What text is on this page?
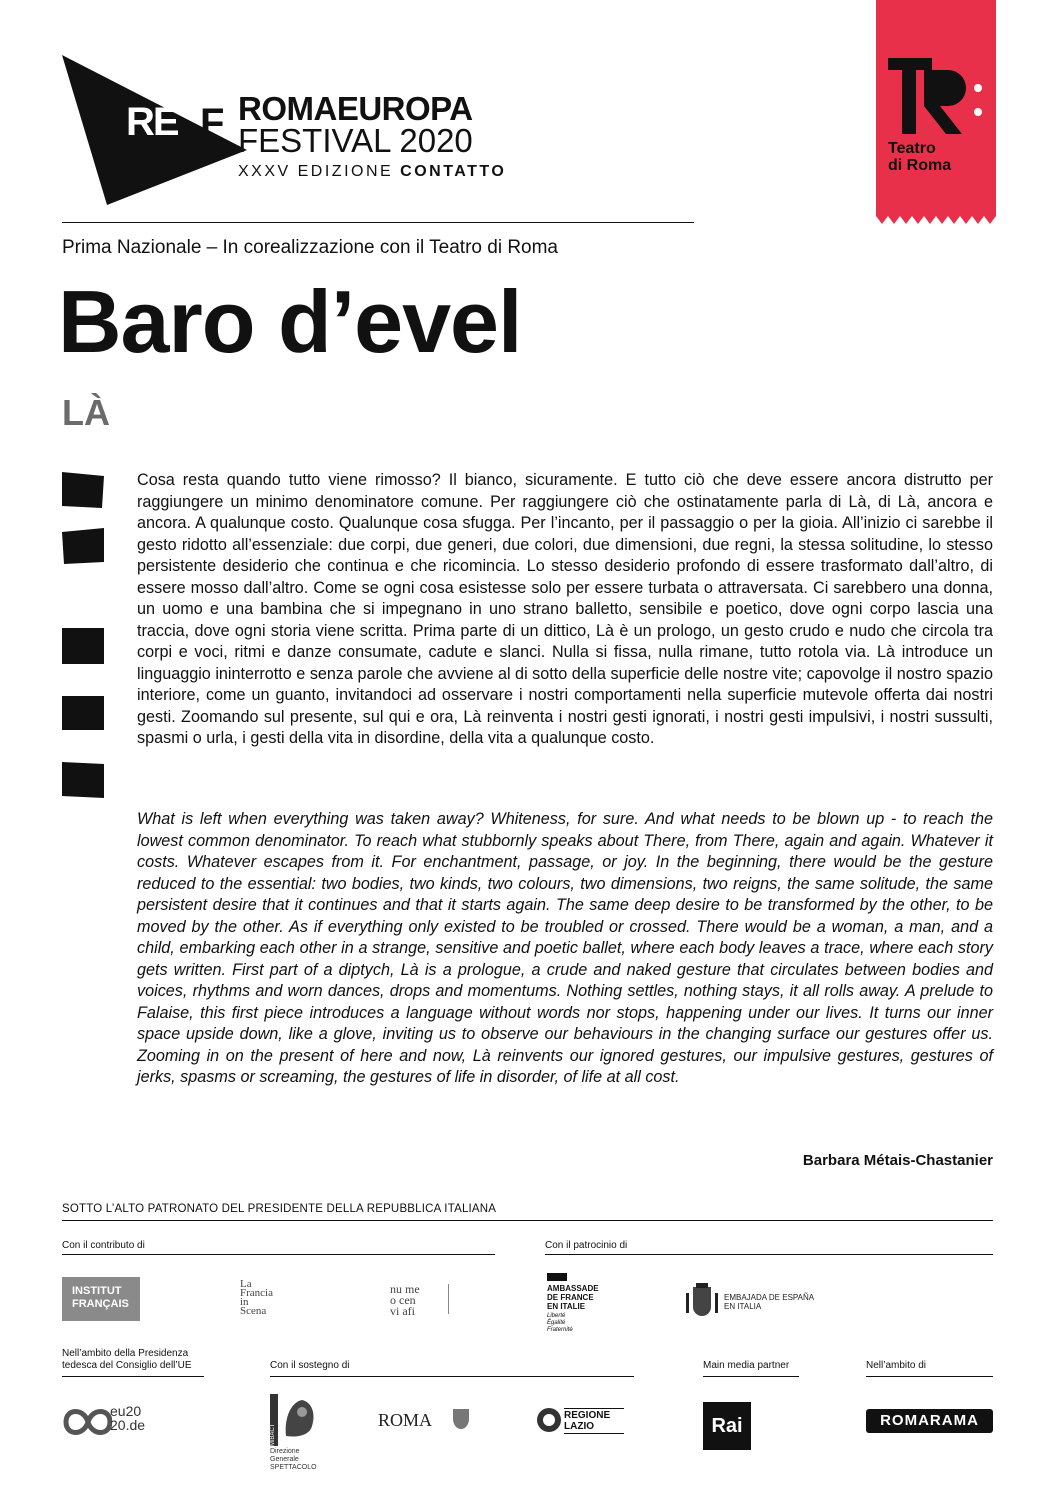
RE F ROMAEUROPA
FESTIVAL 2020
XXXV EDIZIONE CONTATTO
Teatro
di Roma
Prima Nazionale – In corealizzazione con il Teatro di Roma
Baro d’evel
LÀ
Cosa resta quando tutto viene rimosso? Il bianco, sicuramente. E tutto ciò che deve essere ancora distrutto per raggiungere un minimo denominatore comune. Per raggiungere ciò che ostinatamente parla di Là, di Là, ancora e ancora. A qualunque costo. Qualunque cosa sfugga. Per l’incanto, per il passaggio o per la gioia. All’inizio ci sarebbe il gesto ridotto all’essenziale: due corpi, due generi, due colori, due dimensioni, due regni, la stessa solitudine, lo stesso persistente desiderio che continua e che ricomincia. Lo stesso desiderio profondo di essere trasformato dall’altro, di essere mosso dall’altro. Come se ogni cosa esistesse solo per essere turbata o attraversata. Ci sarebbero una donna, un uomo e una bambina che si impegnano in uno strano balletto, sensibile e poetico, dove ogni corpo lascia una traccia, dove ogni storia viene scritta. Prima parte di un dittico, Là è un prologo, un gesto crudo e nudo che circola tra corpi e voci, ritmi e danze consumate, cadute e slanci. Nulla si fissa, nulla rimane, tutto rotola via. Là introduce un linguaggio ininterrotto e senza parole che avviene al di sotto della superficie delle nostre vite; capovolge il nostro spazio interiore, come un guanto, invitandoci ad osservare i nostri comportamenti nella superficie mutevole offerta dai nostri gesti. Zoomando sul presente, sul qui e ora, Là reinventa i nostri gesti ignorati, i nostri gesti impulsivi, i nostri sussulti, spasmi o urla, i gesti della vita in disordine, della vita a qualunque costo.
What is left when everything was taken away? Whiteness, for sure. And what needs to be blown up - to reach the lowest common denominator. To reach what stubbornly speaks about There, from There, again and again. Whatever it costs. Whatever escapes from it. For enchantment, passage, or joy. In the beginning, there would be the gesture reduced to the essential: two bodies, two kinds, two colours, two dimensions, two reigns, the same solitude, the same persistent desire that it continues and that it starts again. The same deep desire to be transformed by the other, to be moved by the other. As if everything only existed to be troubled or crossed. There would be a woman, a man, and a child, embarking each other in a strange, sensitive and poetic ballet, where each body leaves a trace, where each story gets written. First part of a diptych, Là is a prologue, a crude and naked gesture that circulates between bodies and voices, rhythms and worn dances, drops and momentums. Nothing settles, nothing stays, it all rolls away. A prelude to Falaise, this first piece introduces a language without words nor stops, happening under our lives. It turns our inner space upside down, like a glove, inviting us to observe our behaviours in the changing surface our gestures offer us. Zooming in on the present of here and now, Là reinvents our ignored gestures, our impulsive gestures, gestures of jerks, spasms or screaming, the gestures of life in disorder, of life at all cost.
Barbara Métais-Chastanier
SOTTO L’ALTO PATRONATO DEL PRESIDENTE DELLA REPUBBLICA ITALIANA
Con il contributo di	Con il patrocinio di
INSTITUT
FRANÇAIS
La
Francia
in
Scena
nu me
o cen
vi afi
AMBASSADE
DE FRANCE
EN ITALIE
Liberté
Égalité
Fraternité
EMBAJADA DE ESPAÑA
EN ITALIA
Nell’ambito della Presidenza
tedesca del Consiglio dell’UE	Con il sostegno di	Main media partner	Nell’ambito di
eu20
20.de	MiBACT
Direzione
Generale
SPETTACOLO
ROMA	REGIONE
LAZIO	Rai	ROMARAMA
